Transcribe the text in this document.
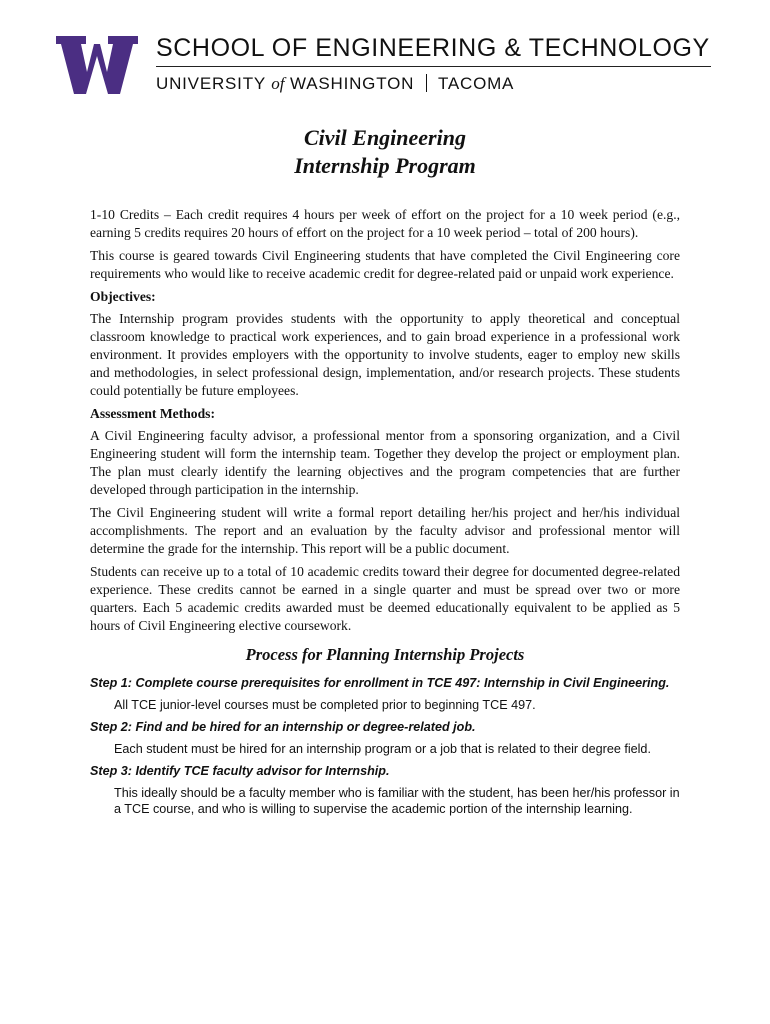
SCHOOL OF ENGINEERING & TECHNOLOGY
UNIVERSITY of WASHINGTON TACOMA
Civil Engineering
Internship Program

1-10 Credits – Each credit requires 4 hours per week of effort on the project for a 10 week period (e.g., earning 5 credits requires 20 hours of effort on the project for a 10 week period – total of 200 hours).

This course is geared towards Civil Engineering students that have completed the Civil Engineering core requirements who would like to receive academic credit for degree-related paid or unpaid work experience.

Objectives:

The Internship program provides students with the opportunity to apply theoretical and conceptual classroom knowledge to practical work experiences, and to gain broad experience in a professional work environment. It provides employers with the opportunity to involve students, eager to employ new skills and methodologies, in select professional design, implementation, and/or research projects. These students could potentially be future employees.

Assessment Methods:

A Civil Engineering faculty advisor, a professional mentor from a sponsoring organization, and a Civil Engineering student will form the internship team. Together they develop the project or employment plan. The plan must clearly identify the learning objectives and the program competencies that are further developed through participation in the internship.

The Civil Engineering student will write a formal report detailing her/his project and her/his individual accomplishments. The report and an evaluation by the faculty advisor and professional mentor will determine the grade for the internship. This report will be a public document.

Students can receive up to a total of 10 academic credits toward their degree for documented degree-related experience. These credits cannot be earned in a single quarter and must be spread over two or more quarters. Each 5 academic credits awarded must be deemed educationally equivalent to be applied as 5 hours of Civil Engineering elective coursework.

Process for Planning Internship Projects
Step 1: Complete course prerequisites for enrollment in TCE 497: Internship in Civil Engineering.
All TCE junior-level courses must be completed prior to beginning TCE 497.
Step 2: Find and be hired for an internship or degree-related job.
Each student must be hired for an internship program or a job that is related to their degree field.
Step 3: Identify TCE faculty advisor for Internship.
This ideally should be a faculty member who is familiar with the student, has been her/his professor in a TCE course, and who is willing to supervise the academic portion of the internship learning.
